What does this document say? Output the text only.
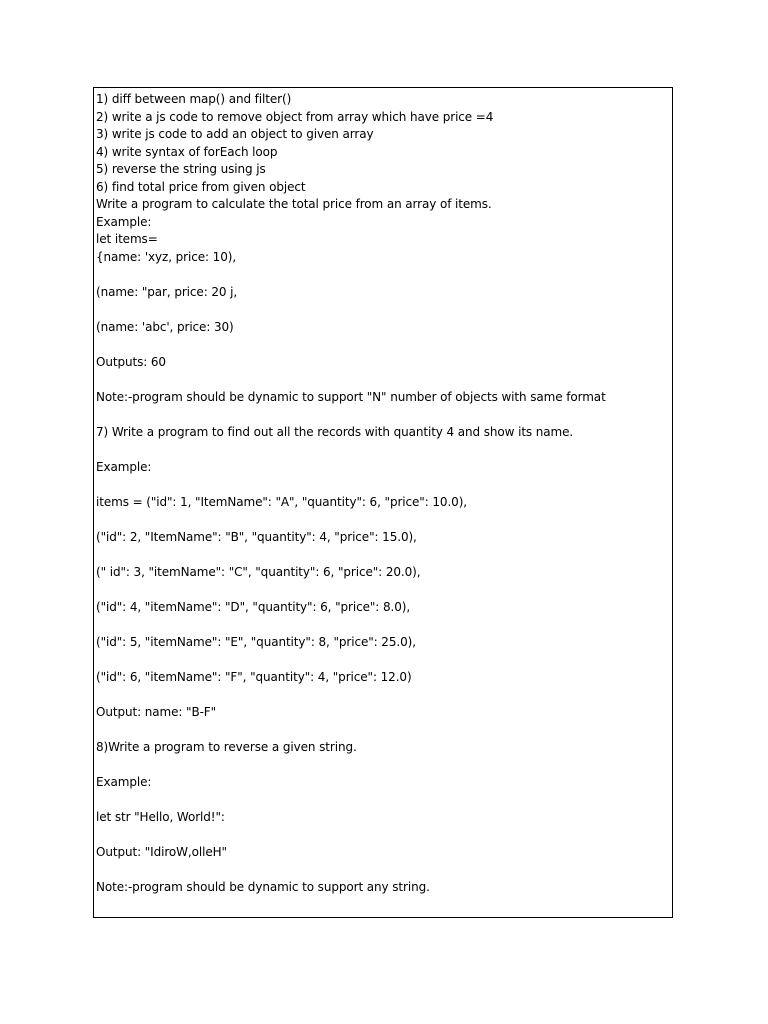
1) diff between map() and filter()
2) write a js code to remove object from array which have price =4
3) write js code to add an object to given array
4) write syntax of forEach loop
5) reverse the string using js
6) find total price from given object
Write a program to calculate the total price from an array of items.
Example:
let items=
{name: 'xyz, price: 10),
(name: "par, price: 20 j,
(name: 'abc', price: 30)
Outputs: 60
Note:-program should be dynamic to support "N" number of objects with same format
7) Write a program to find out all the records with quantity 4 and show its name.
Example:
items = ("id": 1, "ItemName": "A", "quantity": 6, "price": 10.0),
("id": 2, "ItemName": "B", "quantity": 4, "price": 15.0),
(" id": 3, "itemName": "C", "quantity": 6, "price": 20.0),
("id": 4, "itemName": "D", "quantity": 6, "price": 8.0),
("id": 5, "itemName": "E", "quantity": 8, "price": 25.0),
("id": 6, "itemName": "F", "quantity": 4, "price": 12.0)
Output: name: "B-F"
8)Write a program to reverse a given string.
Example:
let str "Hello, World!":
Output: "IdiroW,olleH"
Note:-program should be dynamic to support any string.
